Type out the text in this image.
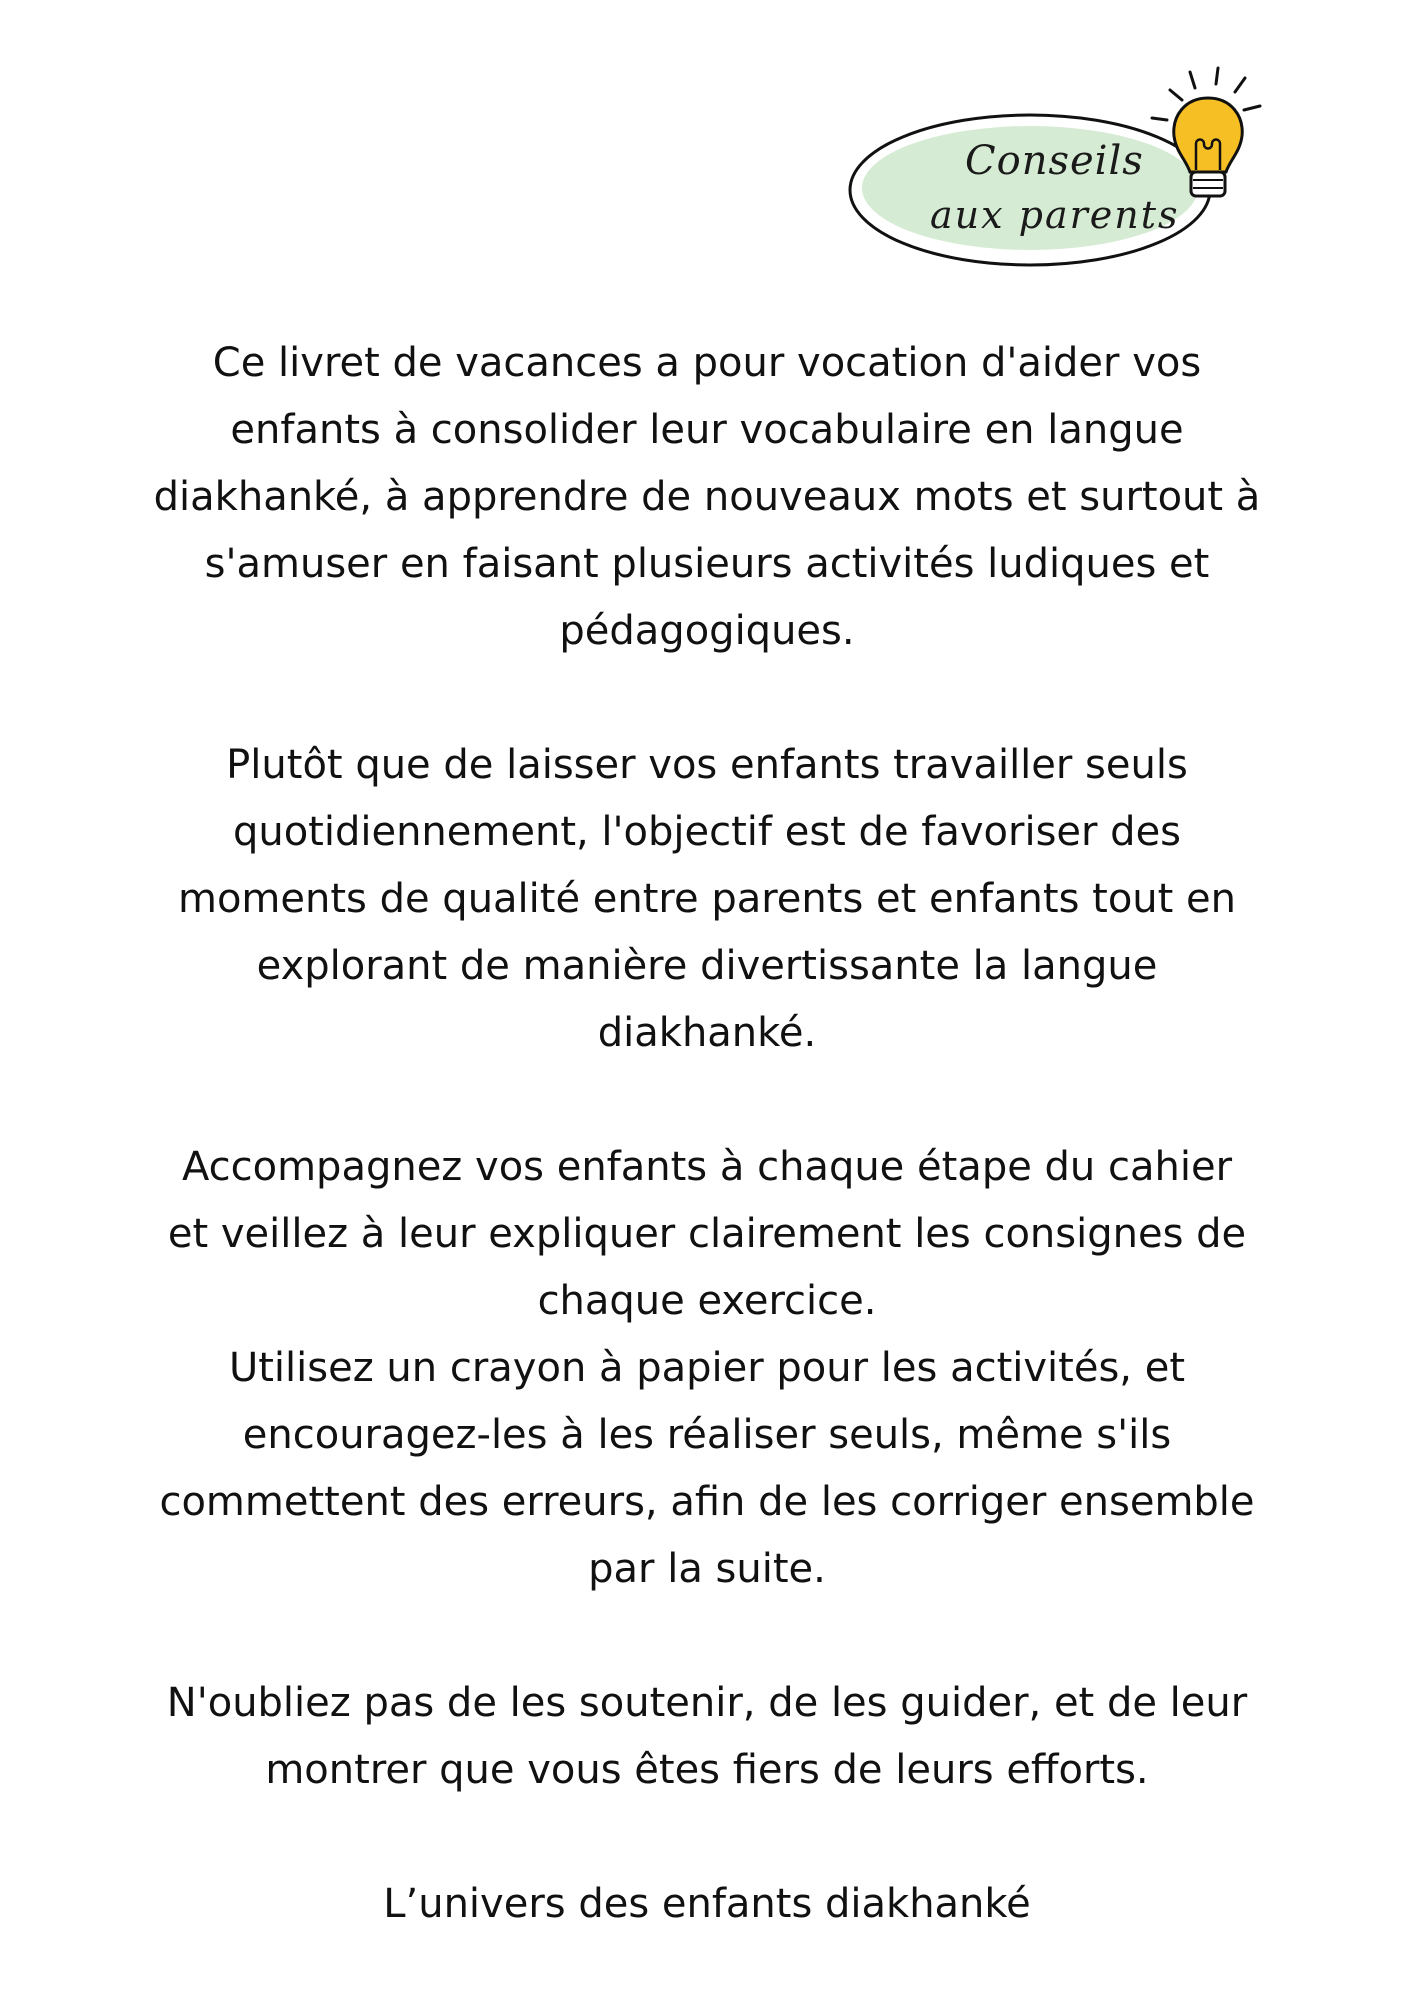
Conseils
aux parents
Ce livret de vacances a pour vocation d'aider vos
enfants à consolider leur vocabulaire en langue
diakhanké, à apprendre de nouveaux mots et surtout à
s'amuser en faisant plusieurs activités ludiques et
pédagogiques.
Plutôt que de laisser vos enfants travailler seuls
quotidiennement, l'objectif est de favoriser des
moments de qualité entre parents et enfants tout en
explorant de manière divertissante la langue
diakhanké.
Accompagnez vos enfants à chaque étape du cahier
et veillez à leur expliquer clairement les consignes de
chaque exercice.
Utilisez un crayon à papier pour les activités, et
encouragez-les à les réaliser seuls, même s'ils
commettent des erreurs, afin de les corriger ensemble
par la suite.
N'oubliez pas de les soutenir, de les guider, et de leur
montrer que vous êtes fiers de leurs efforts.
L’univers des enfants diakhanké
